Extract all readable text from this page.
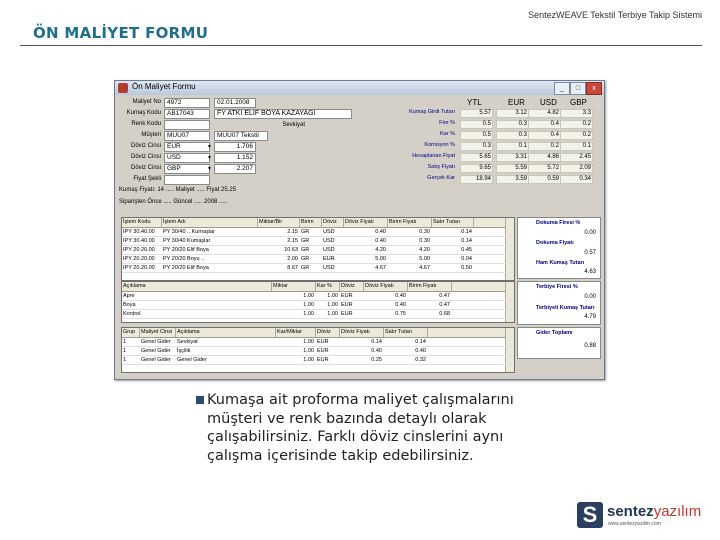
SentezWEAVE Tekstil Terbiye Takip Sistemi
ÖN MALİYET FORMU
Ön Maliyet Formu	_	□	x
Maliyet No 4972	02.01.2008
Kumaş Kodu AB17043	FY ATKI ELİF BOYA KAZAYAGI
Renk Kodu	Sevkiyat
Müşteri MUU07	MUU07 Tekstil
Döviz Cinsi EUR	▼	1.706
Döviz Cinsi USD	▼	1.152
Döviz Cinsi GBP	▼	2.207
Fiyat Şekli
Kumaş Fiyatı: 14 ..... Maliyet ..... Fiyat 25.25
Siparişten Önce ..... Güncel ..... 2008 .....
YTL	EUR USD GBP
Kumaş Girdi Tutarı	5.57	3.12	4.82	3.3
Fire %	0.5	0.3	0.4	0.2
Kar %	0.5	0.3	0.4	0.2
Komisyon %	0.3	0.1	0.2	0.1
Hesaplanan Fiyat	5.65	3.31	4.86	2.45
Satış Fiyatı	9.65	5.59	5.72	2.09
Gerçek Kar	18.94	3.59	0.59	0.34
İşlem Kodu	İşlem Adı	Miktar/Bir	Birim	Döviz	Döviz Fiyatı	Birim Fiyatı	Satır Tutarı
IPY 30.40.00	PY 30/40 .. Kumaşlar	2.15 GR	USD	0.40	0.30	0.14
IPY 30.40.00	PY 30/40 Kumaşlar	2.15 GR	USD	0.40	0.30	0.14
IPY 20.20.00	PY 20/20 Elif Boya	10.63 GR	USD	4.20	4.20	0.45
IPY 20.20.00	PY 20/20 Boyu ..	2.00 GR	EUR	5.00	5.00	0.04
IPY 20.20.00	PY 20/20 Elif Boya	8.67 GR	USD	4.67	4.67	0.50
Açıklama	Miktar	Kar %	Döviz	Döviz Fiyatı	Birim Fiyatı
Apre	1.00	1.00 EUR	0.40	0.47
Boya	1.00	1.00 EUR	0.40	0.47
Kontrol	1.00	1.00 EUR	0.75	0.68
Grup	Maliyet Cinsi Açıklama	Kar/Miktar	Döviz	Döviz Fiyatı	Satır Tutarı
1	Genel Gider	Sevkiyat	1.00 EUR	0.14	0.14
1	Genel Gider	İşçilik	1.00 EUR	0.40	0.40
1	Genel Gider	Genel Gider	1.00 EUR	0.25	0.32
Dokuma Firesi %
0.00
Dokuma Fiyatı
0.57
Ham Kumaş Tutarı
4.63
Terbiye Firesi %
0.00
Terbiyeli Kumaş Tutarı
4.79
Gider Toplamı
0.88
Kumaşa ait proforma maliyet çalışmalarını müşteri ve renk bazında detaylı olarak çalışabilirsiniz. Farklı döviz cinslerini aynı çalışma içerisinde takip edebilirsiniz.
S sentezyazılım
www.sentezyazilim.com
